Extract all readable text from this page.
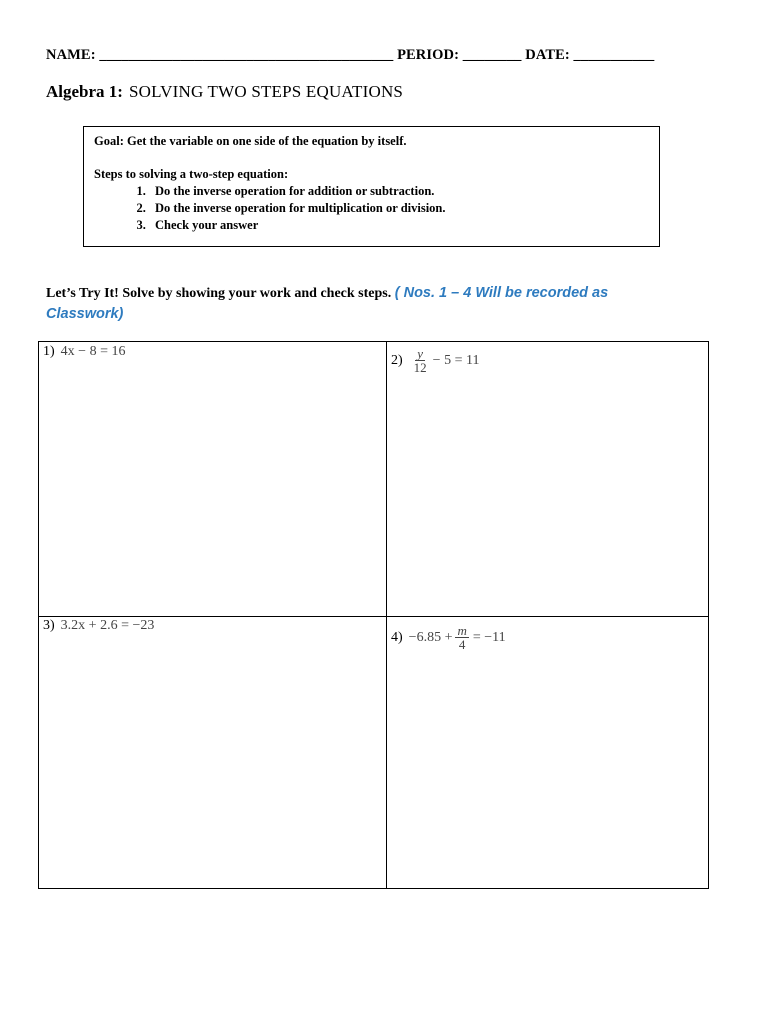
NAME: ________________________________________ PERIOD: ________ DATE: ___________
Algebra 1: SOLVING TWO STEPS EQUATIONS
Goal: Get the variable on one side of the equation by itself.
Steps to solving a two-step equation:
1. Do the inverse operation for addition or subtraction.
2. Do the inverse operation for multiplication or division.
3. Check your answer
Let’s Try It! Solve by showing your work and check steps. ( Nos. 1 – 4 Will be recorded as Classwork)
1) 4x − 8 = 16
$2) \frac{y}{12} - 5 = 11$
3) 3.2x + 2.6 = −23
$4) -6.85 + \frac{m}{4} = -11$
